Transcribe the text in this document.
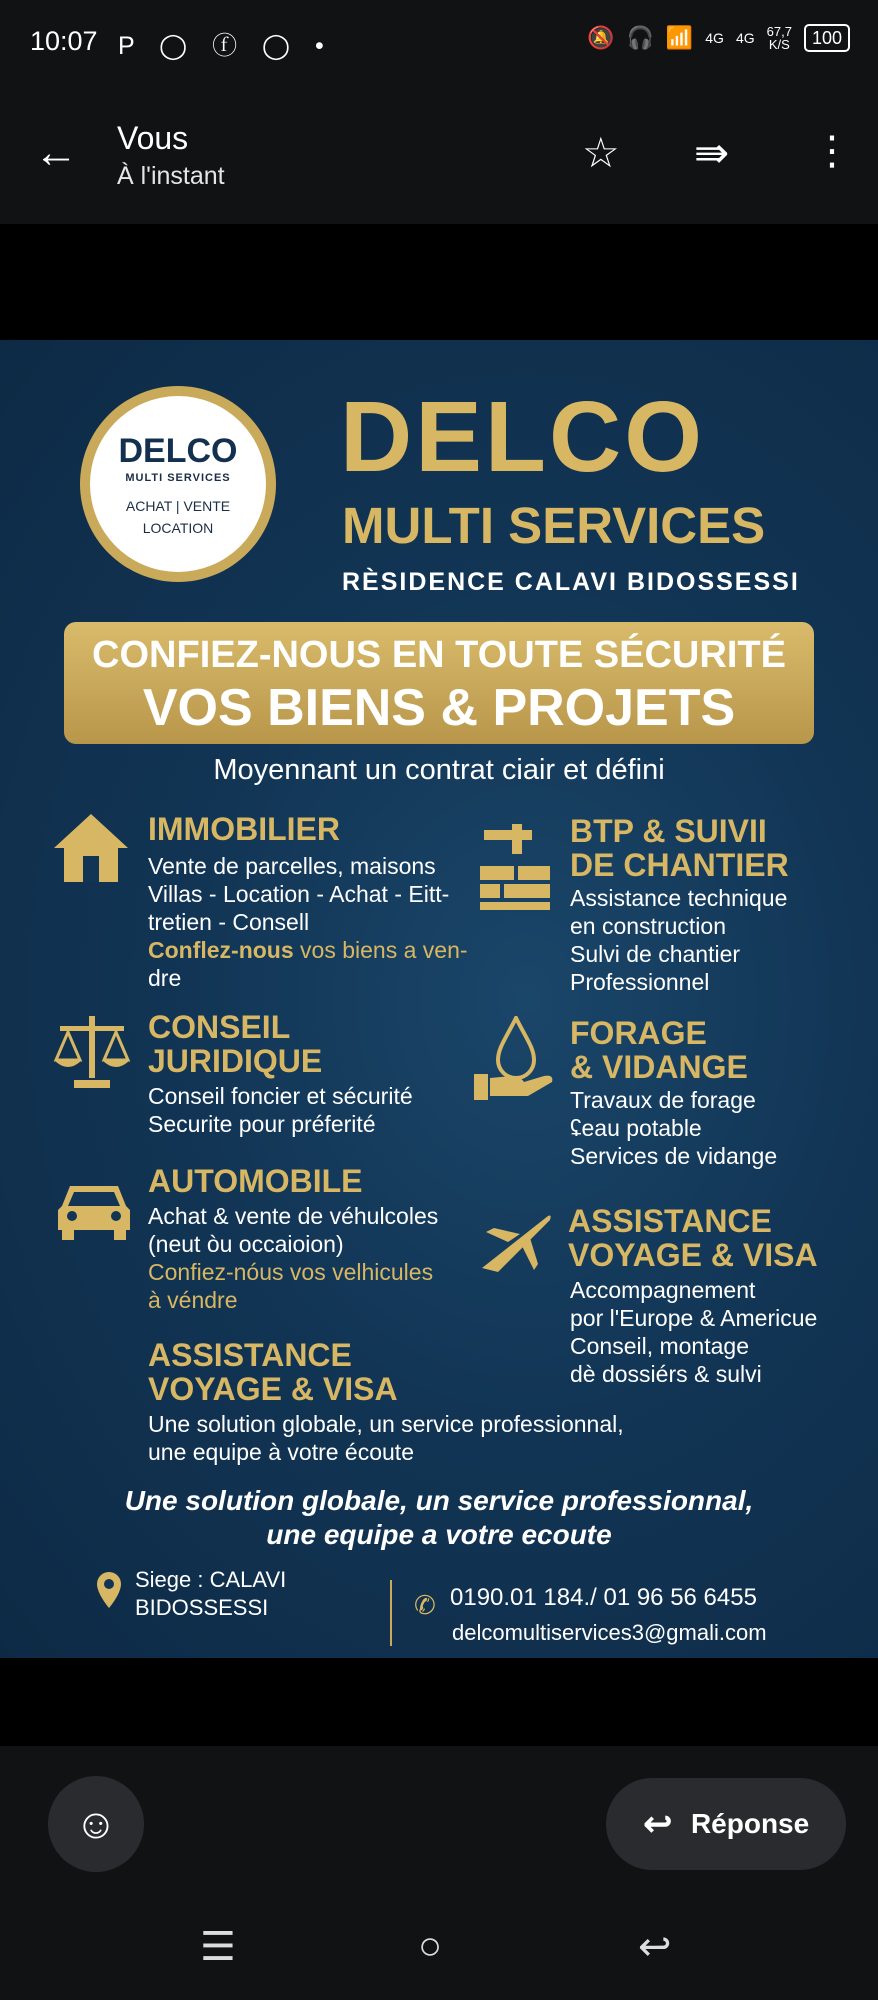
10:07 P ◯ ⓕ ◯ •	🔕 🎧 📶 4G 4G 67,7
K/S	100
← Vous
À l'instant	☆ ⇛ ⋮
DELCO
MULTI SERVICES
ACHAT | VENTE
LOCATION
DELCO
MULTI SERVICES
RÈSIDENCE CALAVI BIDOSSESSI
CONFIEZ-NOUS EN TOUTE SÉCURITÉ
VOS BIENS & PROJETS
Moyennant un contrat ciair et défini
IMMOBILIER
Vente de parcelles, maisons
Villas - Location - Achat - Eitt-
tretien - Consell
Conflez-nous vos biens a ven-
dre
BTP & SUIVII
DE CHANTIER
Assistance technique
en construction
Sulvi de chantier
Professionnel
CONSEIL
JURIDIQUE
Conseil foncier et sécurité
Securite pour préferité
FORAGE
& VIDANGE
Travaux de forage
ʢeau potable
Services de vidange
AUTOMOBILE
Achat & vente de véhulcoles
(neut òu occaioion)
Confiez-nóus vos velhicules
à véndre
ASSISTANCE
VOYAGE & VISA
Accompagnement
por l'Europe & Americue
Conseil, montage
dè dossiérs & sulvi
ASSISTANCE
VOYAGE & VISA
Une solution globale, un service professionnal,
une equipe à votre écoute
Une solution globale, un service professionnal,
une equipe a votre ecoute
Siege : CALAVI
BIDOSSESSI	✆ 0190.01 184./ 01 96 56 6455
delcomultiservices3@gmali.com
☺	↩ Réponse
☰	○	↩
